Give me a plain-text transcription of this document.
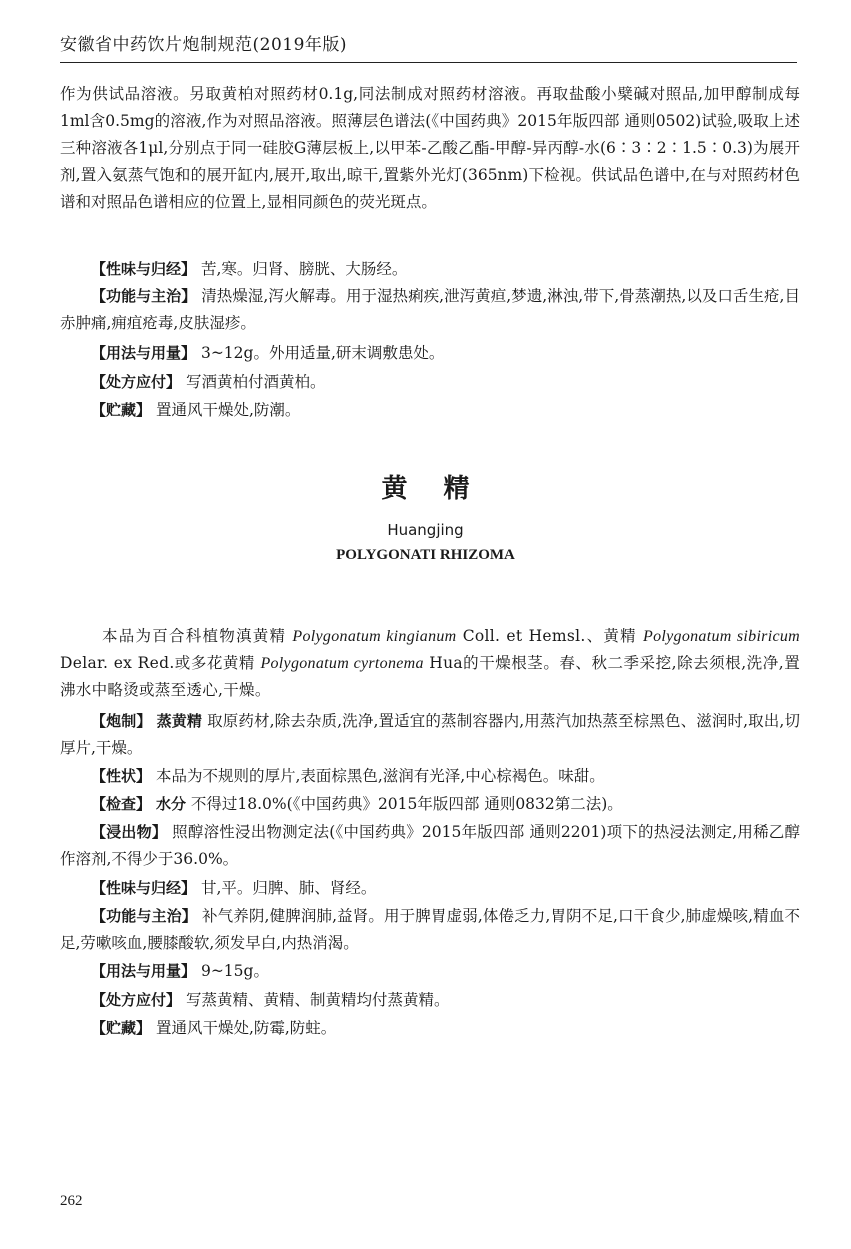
安徽省中药饮片炮制规范(2019年版)
作为供试品溶液。另取黄柏对照药材0.1g,同法制成对照药材溶液。再取盐酸小檗碱对照品,加甲醇制成每1ml含0.5mg的溶液,作为对照品溶液。照薄层色谱法(《中国药典》2015年版四部 通则0502)试验,吸取上述三种溶液各1μl,分别点于同一硅胶G薄层板上,以甲苯-乙酸乙酯-甲醇-异丙醇-水(6∶3∶2∶1.5∶0.3)为展开剂,置入氨蒸气饱和的展开缸内,展开,取出,晾干,置紫外光灯(365nm)下检视。供试品色谱中,在与对照药材色谱和对照品色谱相应的位置上,显相同颜色的荧光斑点。
【性味与归经】 苦,寒。归肾、膀胱、大肠经。
【功能与主治】 清热燥湿,泻火解毒。用于湿热痢疾,泄泻黄疸,梦遗,淋浊,带下,骨蒸潮热,以及口舌生疮,目赤肿痛,痈疽疮毒,皮肤湿疹。
【用法与用量】 3~12g。外用适量,研末调敷患处。
【处方应付】 写酒黄柏付酒黄柏。
【贮藏】 置通风干燥处,防潮。
黄精
Huangjing
POLYGONATI RHIZOMA
本品为百合科植物滇黄精 Polygonatum kingianum Coll. et Hemsl.、黄精 Polygonatum sibiricum Delar. ex Red.或多花黄精 Polygonatum cyrtonema Hua的干燥根茎。春、秋二季采挖,除去须根,洗净,置沸水中略烫或蒸至透心,干燥。
【炮制】 蒸黄精 取原药材,除去杂质,洗净,置适宜的蒸制容器内,用蒸汽加热蒸至棕黑色、滋润时,取出,切厚片,干燥。
【性状】 本品为不规则的厚片,表面棕黑色,滋润有光泽,中心棕褐色。味甜。
【检查】 水分 不得过18.0%(《中国药典》2015年版四部 通则0832第二法)。
【浸出物】 照醇溶性浸出物测定法(《中国药典》2015年版四部 通则2201)项下的热浸法测定,用稀乙醇作溶剂,不得少于36.0%。
【性味与归经】 甘,平。归脾、肺、肾经。
【功能与主治】 补气养阴,健脾润肺,益肾。用于脾胃虚弱,体倦乏力,胃阴不足,口干食少,肺虚燥咳,精血不足,劳嗽咳血,腰膝酸软,须发早白,内热消渴。
【用法与用量】 9~15g。
【处方应付】 写蒸黄精、黄精、制黄精均付蒸黄精。
【贮藏】 置通风干燥处,防霉,防蛀。
262
